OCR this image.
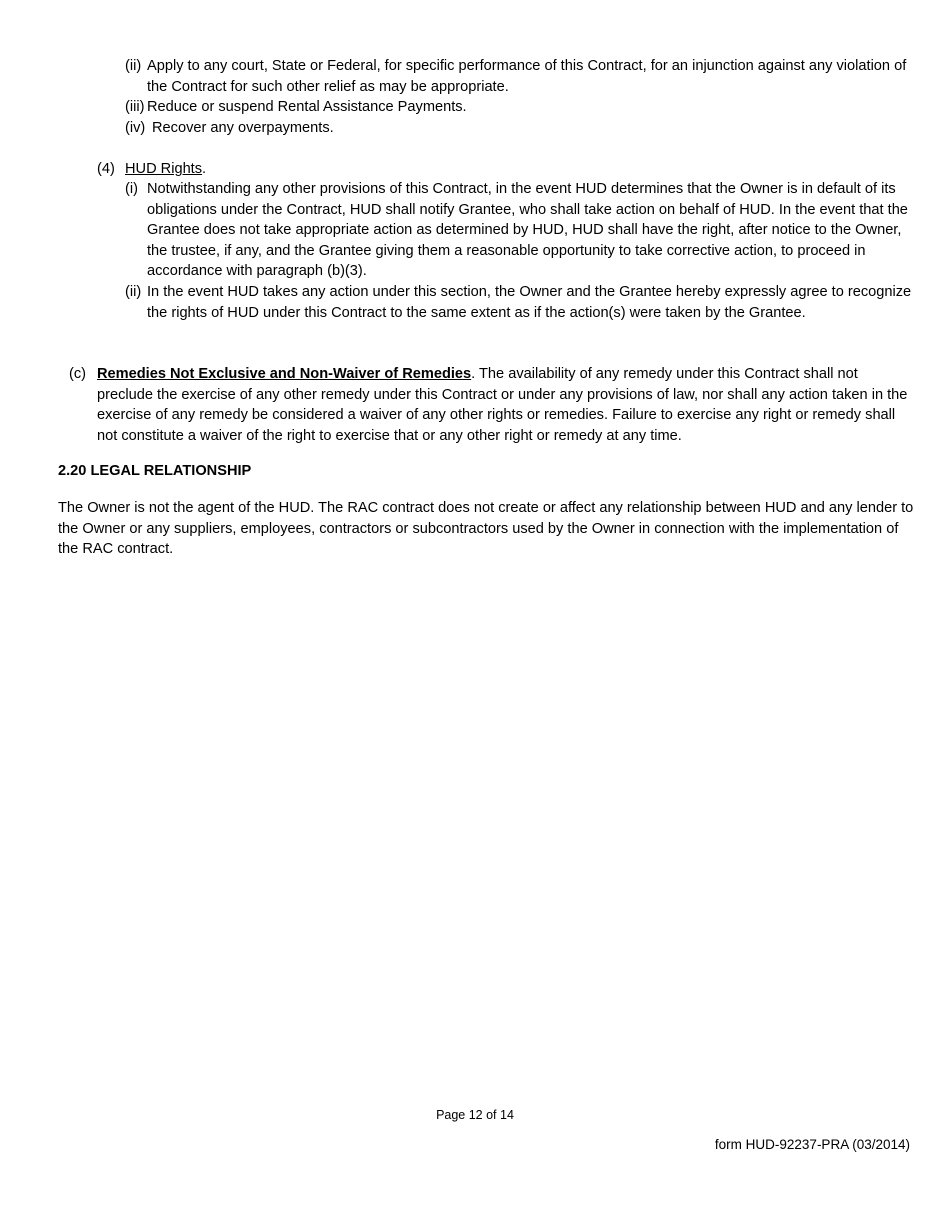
(ii) Apply to any court, State or Federal, for specific performance of this Contract, for an injunction against any violation of the Contract for such other relief as may be appropriate.
(iii) Reduce or suspend Rental Assistance Payments.
(iv) Recover any overpayments.
(4) HUD Rights.
(i) Notwithstanding any other provisions of this Contract, in the event HUD determines that the Owner is in default of its obligations under the Contract, HUD shall notify Grantee, who shall take action on behalf of HUD. In the event that the Grantee does not take appropriate action as determined by HUD, HUD shall have the right, after notice to the Owner, the trustee, if any, and the Grantee giving them a reasonable opportunity to take corrective action, to proceed in accordance with paragraph (b)(3).
(ii) In the event HUD takes any action under this section, the Owner and the Grantee hereby expressly agree to recognize the rights of HUD under this Contract to the same extent as if the action(s) were taken by the Grantee.
(c) Remedies Not Exclusive and Non-Waiver of Remedies. The availability of any remedy under this Contract shall not preclude the exercise of any other remedy under this Contract or under any provisions of law, nor shall any action taken in the exercise of any remedy be considered a waiver of any other rights or remedies. Failure to exercise any right or remedy shall not constitute a waiver of the right to exercise that or any other right or remedy at any time.
2.20 LEGAL RELATIONSHIP
The Owner is not the agent of the HUD. The RAC contract does not create or affect any relationship between HUD and any lender to the Owner or any suppliers, employees, contractors or subcontractors used by the Owner in connection with the implementation of the RAC contract.
Page 12 of 14
form HUD-92237-PRA (03/2014)
